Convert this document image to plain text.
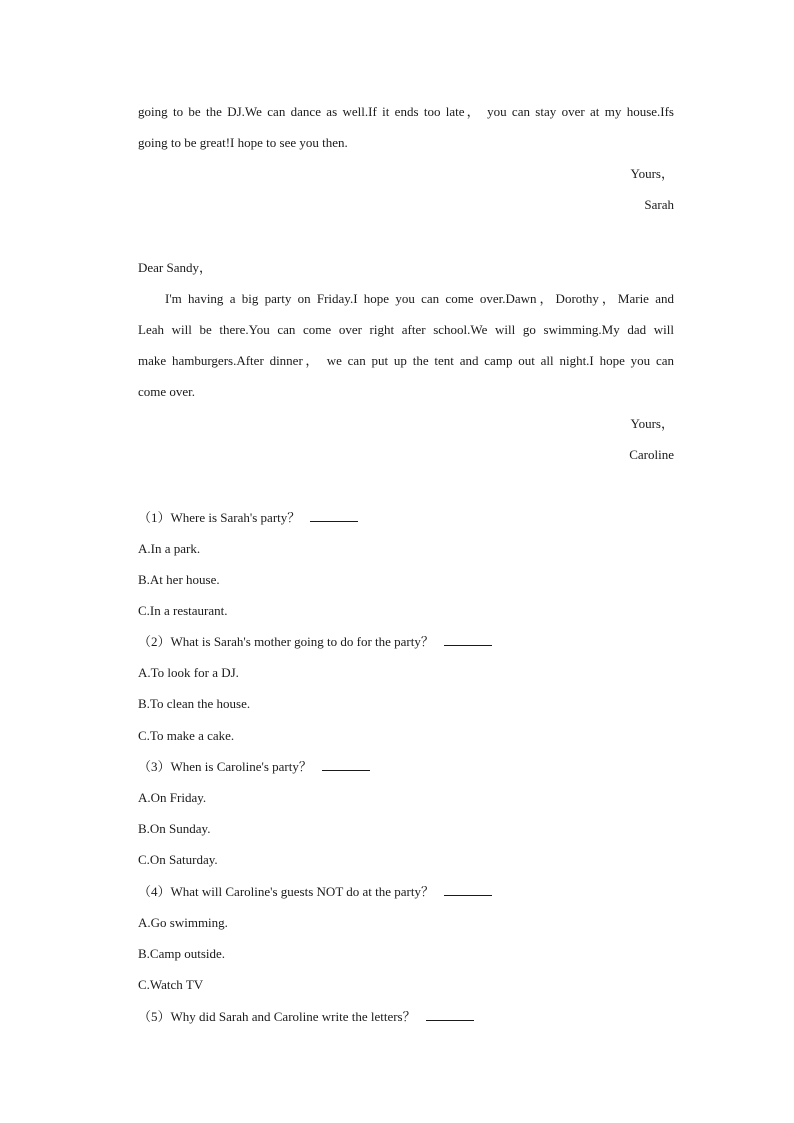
going to be the DJ.We can dance as well.If it ends too late， you can stay over at my house.Ifs
going to be great!I hope to see you then.
Yours，
Sarah
Dear Sandy，
I'm having a big party on Friday.I hope you can come over.Dawn，Dorothy，Marie and
Leah will be there.You can come over right after school.We will go swimming.My dad will
make hamburgers.After dinner， we can put up the tent and camp out all night.I hope you can
come over.
Yours，
Caroline
（1）Where is Sarah's party？
A.In a park.
B.At her house.
C.In a restaurant.
（2）What is Sarah's mother going to do for the party？
A.To look for a DJ.
B.To clean the house.
C.To make a cake.
（3）When is Caroline's party？
A.On Friday.
B.On Sunday.
C.On Saturday.
（4）What will Caroline's guests NOT do at the party？
A.Go swimming.
B.Camp outside.
C.Watch TV
（5）Why did Sarah and Caroline write the letters？
